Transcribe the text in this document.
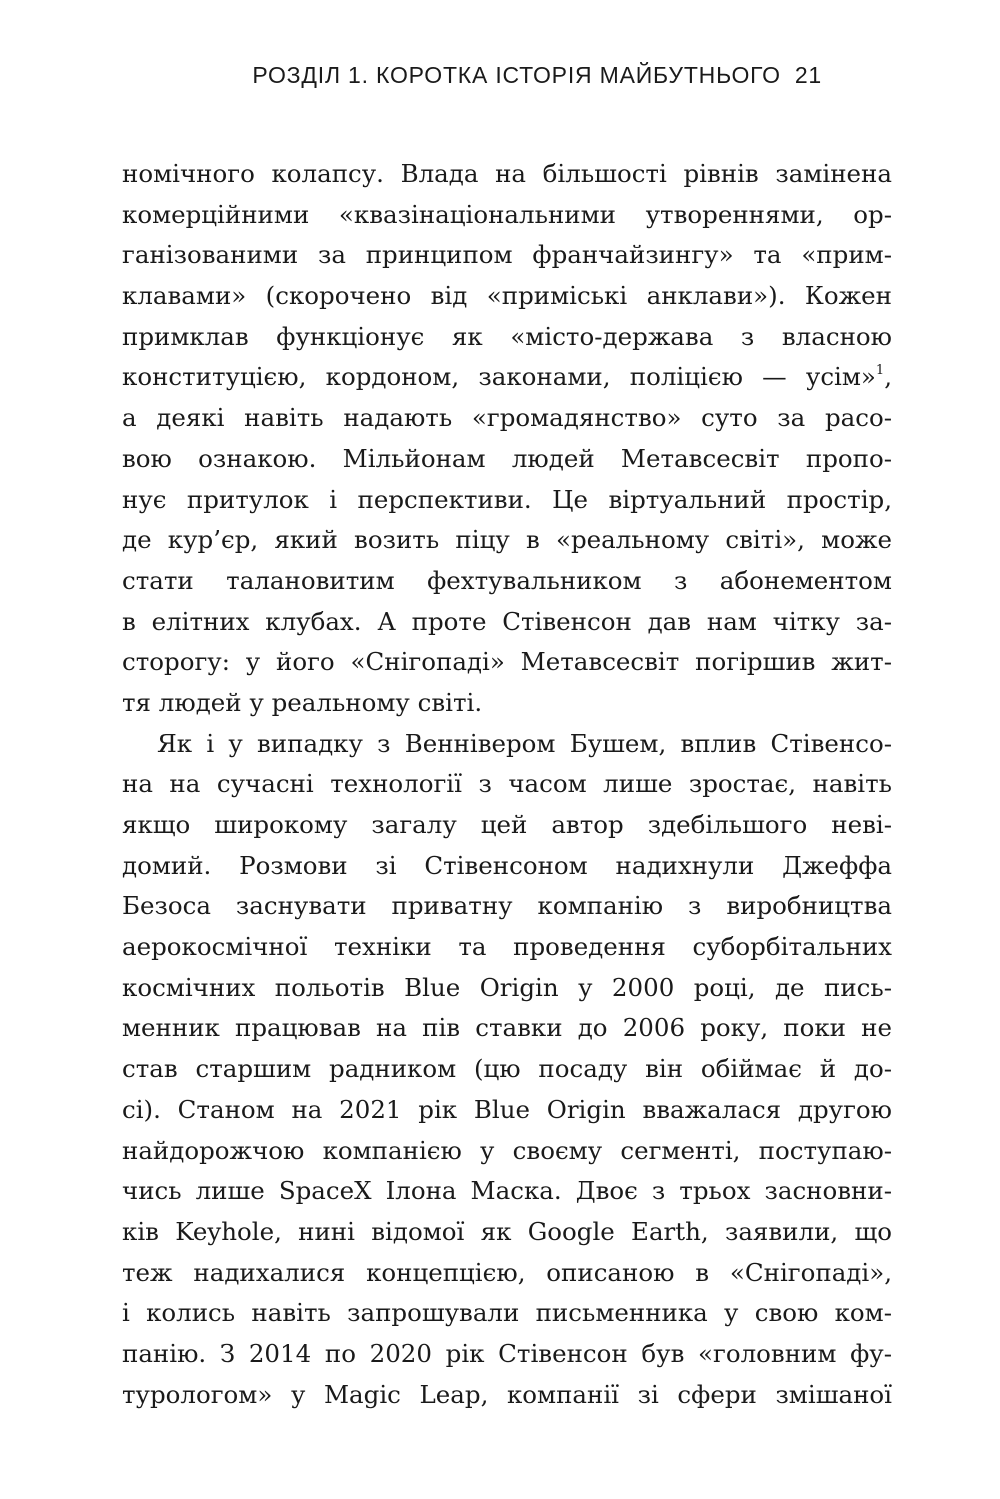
РОЗДІЛ 1. КОРОТКА ІСТОРІЯ МАЙБУТНЬОГО 21
номічного колапсу. Влада на більшості рівнів замінена
комерційними «квазінаціональними утвореннями, ор-
ганізованими за принципом франчайзингу» та «прим-
клавами» (скорочено від «приміські анклави»). Кожен
примклав функціонує як «місто-держава з власною
конституцією, кордоном, законами, поліцією — усім»$^1$,
а деякі навіть надають «громадянство» суто за расо-
вою ознакою. Мільйонам людей Метавсесвіт пропо-
нує притулок і перспективи. Це віртуальний простір,
де кур’єр, який возить піцу в «реальному світі», може
стати талановитим фехтувальником з абонементом
в елітних клубах. А проте Стівенсон дав нам чітку за-
сторогу: у його «Снігопаді» Метавсесвіт погіршив жит-
тя людей у реальному світі.
Як і у випадку з Веннівером Бушем, вплив Стівенсо-
на на сучасні технології з часом лише зростає, навіть
якщо широкому загалу цей автор здебільшого неві-
домий. Розмови зі Стівенсоном надихнули Джеффа
Безоса заснувати приватну компанію з виробництва
аерокосмічної техніки та проведення суборбітальних
космічних польотів Blue Origin у 2000 році, де пись-
менник працював на пів ставки до 2006 року, поки не
став старшим радником (цю посаду він обіймає й до-
сі). Станом на 2021 рік Blue Origin вважалася другою
найдорожчою компанією у своєму сегменті, поступаю-
чись лише SpaceX Ілона Маска. Двоє з трьох засновни-
ків Keyhole, нині відомої як Google Earth, заявили, що
теж надихалися концепцією, описаною в «Снігопаді»,
і колись навіть запрошували письменника у свою ком-
панію. З 2014 по 2020 рік Стівенсон був «головним фу-
турологом» у Magic Leap, компанії зі сфери змішаної
